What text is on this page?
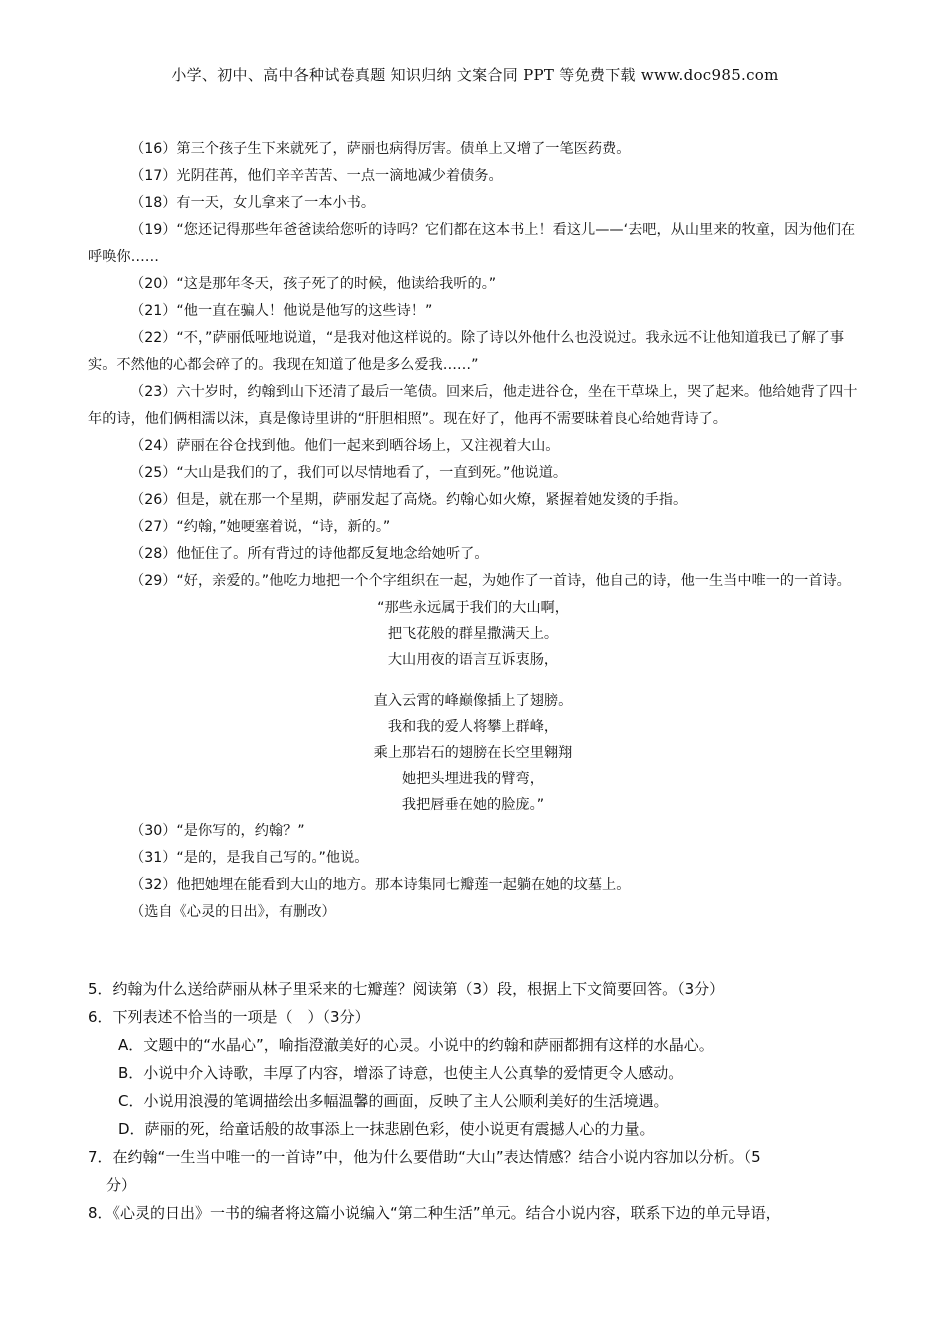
小学、初中、高中各种试卷真题 知识归纳 文案合同 PPT 等免费下载 www.doc985.com

（16）第三个孩子生下来就死了，萨丽也病得厉害。债单上又增了一笔医药费。

（17）光阴荏苒，他们辛辛苦苦、一点一滴地减少着债务。

（18）有一天，女儿拿来了一本小书。

（19）“您还记得那些年爸爸读给您听的诗吗？它们都在这本书上！看这儿——‘去吧，从山里来的牧童，因为他们在呼唤你……

（20）“这是那年冬天，孩子死了的时候，他读给我听的。”

（21）“他一直在骗人！他说是他写的这些诗！”

（22）“不，”萨丽低哑地说道，“是我对他这样说的。除了诗以外他什么也没说过。我永远不让他知道我已了解了事实。不然他的心都会碎了的。我现在知道了他是多么爱我……”

（23）六十岁时，约翰到山下还清了最后一笔债。回来后，他走进谷仓，坐在干草垛上，哭了起来。他给她背了四十年的诗，他们俩相濡以沫，真是像诗里讲的“肝胆相照”。现在好了，他再不需要昧着良心给她背诗了。

（24）萨丽在谷仓找到他。他们一起来到晒谷场上，又注视着大山。

（25）“大山是我们的了，我们可以尽情地看了，一直到死。”他说道。

（26）但是，就在那一个星期，萨丽发起了高烧。约翰心如火燎，紧握着她发烫的手指。

（27）“约翰，”她哽塞着说，“诗，新的。”

（28）他怔住了。所有背过的诗他都反复地念给她听了。

（29）“好，亲爱的。”他吃力地把一个个字组织在一起，为她作了一首诗，他自己的诗，他一生当中唯一的一首诗。

“那些永远属于我们的大山啊，

把飞花般的群星撒满天上。

大山用夜的语言互诉衷肠，

直入云霄的峰巅像插上了翅膀。

我和我的爱人将攀上群峰，

乘上那岩石的翅膀在长空里翱翔

她把头埋进我的臂弯，

我把唇垂在她的脸庞。”

（30）“是你写的，约翰？”

（31）“是的，是我自己写的。”他说。

（32）他把她埋在能看到大山的地方。那本诗集同七瓣莲一起躺在她的坟墓上。

（选自《心灵的日出》，有删改）

5．约翰为什么送给萨丽从林子里采来的七瓣莲？阅读第（3）段，根据上下文简要回答。（3分）

6．下列表述不恰当的一项是（　）（3分）

A．文题中的“水晶心”，喻指澄澈美好的心灵。小说中的约翰和萨丽都拥有这样的水晶心。

B．小说中介入诗歌，丰厚了内容，增添了诗意，也使主人公真挚的爱情更令人感动。

C．小说用浪漫的笔调描绘出多幅温馨的画面，反映了主人公顺利美好的生活境遇。

D．萨丽的死，给童话般的故事添上一抹悲剧色彩，使小说更有震撼人心的力量。

7．在约翰“一生当中唯一的一首诗”中，他为什么要借助“大山”表达情感？结合小说内容加以分析。（5

分）

8．《心灵的日出》一书的编者将这篇小说编入“第二种生活”单元。结合小说内容，联系下边的单元导语，
